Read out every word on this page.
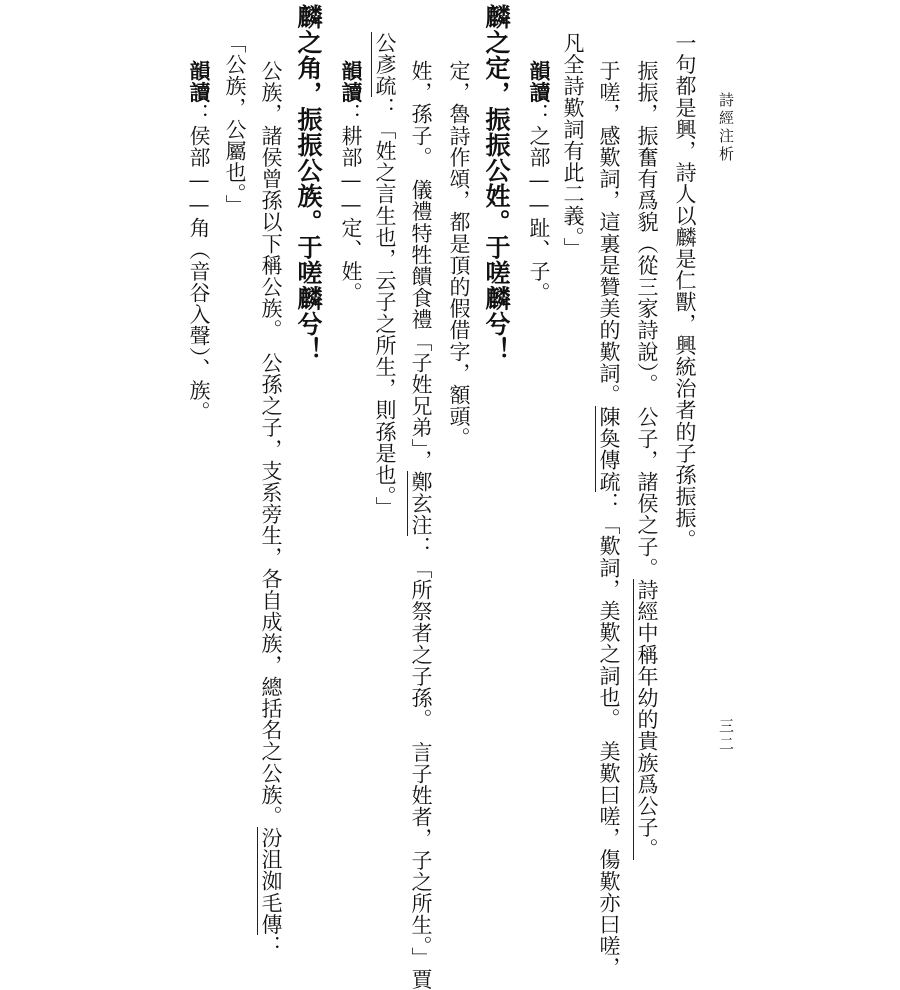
詩經注析
三二
一句都是興，詩人以麟是仁獸，興統治者的子孫振振。
振振，振奮有爲貌（從三家詩說）。　公子，諸侯之子。詩經中稱年幼的貴族爲公子。
于嗟，感歎詞，這裏是贊美的歎詞。陳奐傳疏：「歎詞，美歎之詞也。　美歎曰嗟，傷歎亦曰嗟，
凡全詩歎詞有此二義。」
韻讀：之部——趾、子。
麟之定，振振公姓。于嗟麟兮！
定，魯詩作頌，都是頂的假借字，額頭。
姓，孫子。　儀禮特牲饋食禮「子姓兄弟」，鄭玄注：「所祭者之子孫。　言子姓者，子之所生。」賈
公彥疏：「姓之言生也，云子之所生，則孫是也。」
韻讀：耕部——定、姓。
麟之角，振振公族。于嗟麟兮！
公族，諸侯曾孫以下稱公族。　公孫之子，支系旁生，各自成族，總括名之公族。汾沮洳毛傳：
「公族，公屬也。」
韻讀：侯部——角（音谷入聲）、族。
